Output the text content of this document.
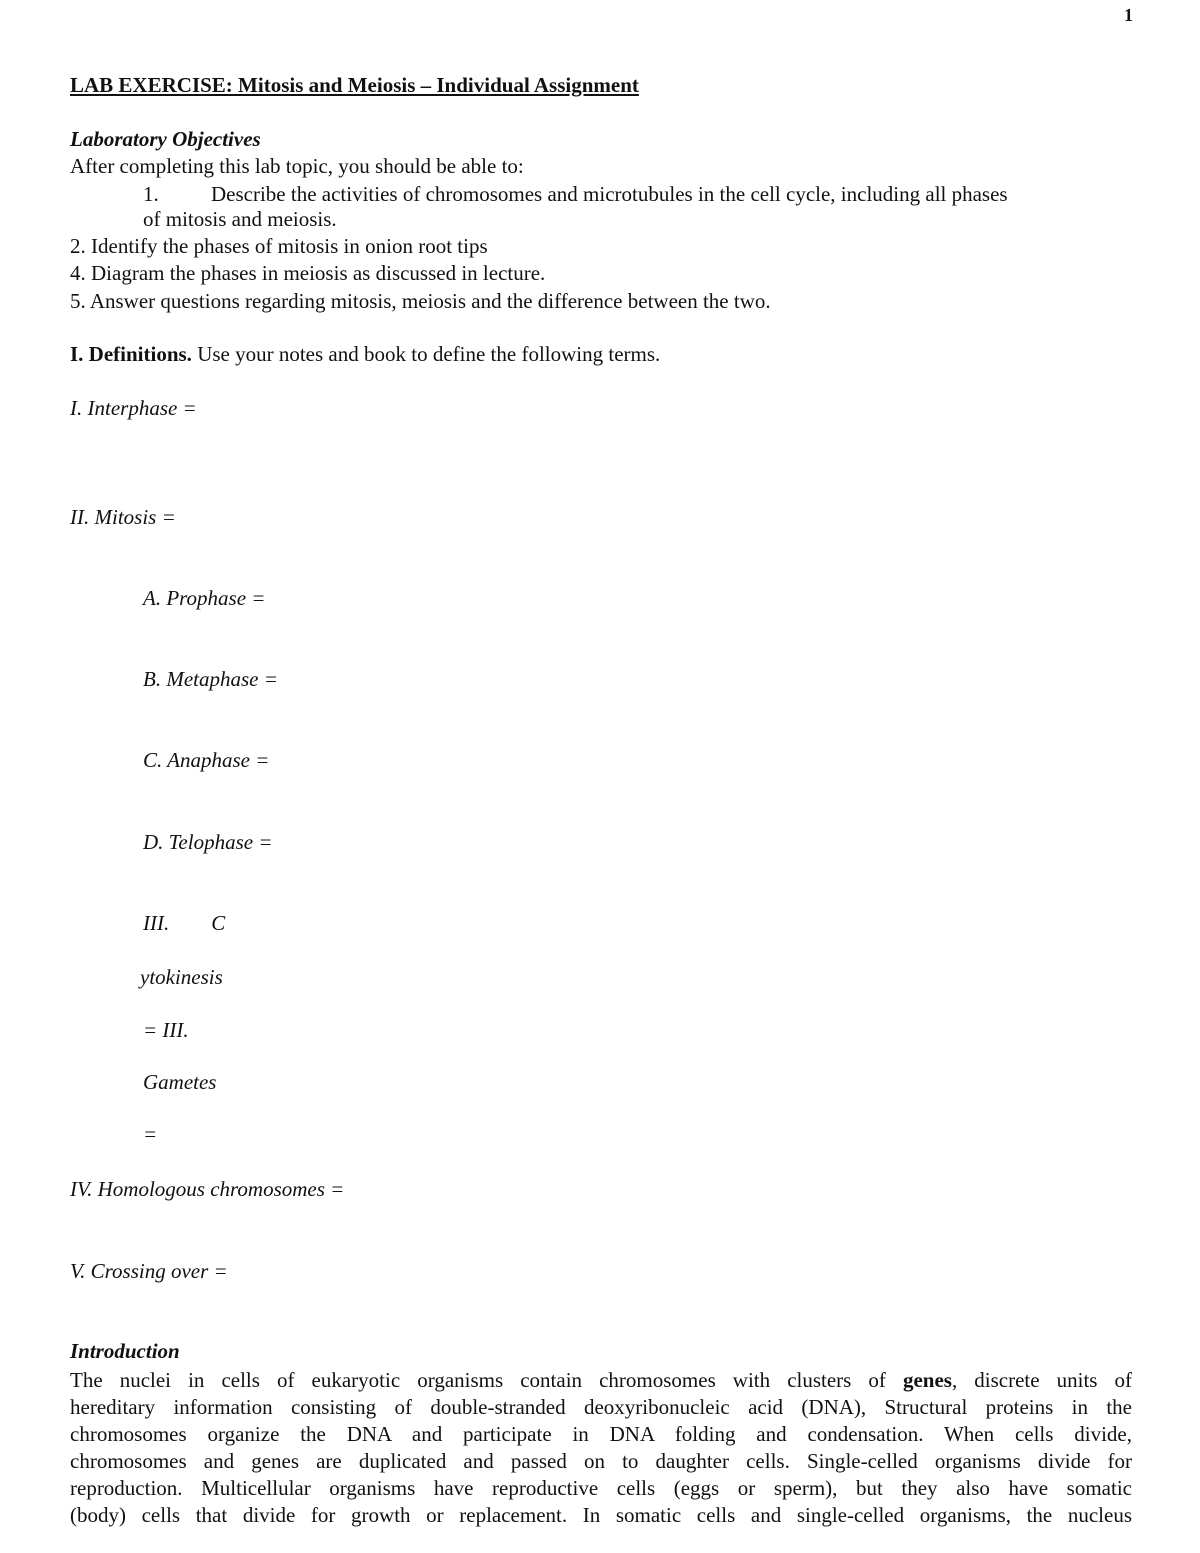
1
LAB EXERCISE: Mitosis and Meiosis – Individual Assignment
Laboratory Objectives
After completing this lab topic, you should be able to:
1. Describe the activities of chromosomes and microtubules in the cell cycle, including all phases
of mitosis and meiosis.
2. Identify the phases of mitosis in onion root tips
4. Diagram the phases in meiosis as discussed in lecture.
5. Answer questions regarding mitosis, meiosis and the difference between the two.
I. Definitions. Use your notes and book to define the following terms.
I. Interphase =
II. Mitosis =
A. Prophase =
B. Metaphase =
C. Anaphase =
D. Telophase =
III. C
ytokinesis
= III.
Gametes
=
IV. Homologous chromosomes =
V. Crossing over =
Introduction
The nuclei in cells of eukaryotic organisms contain chromosomes with clusters of genes, discrete units of
hereditary information consisting of double-stranded deoxyribonucleic acid (DNA), Structural proteins in the
chromosomes organize the DNA and participate in DNA folding and condensation. When cells divide,
chromosomes and genes are duplicated and passed on to daughter cells. Single-celled organisms divide for
reproduction. Multicellular organisms have reproductive cells (eggs or sperm), but they also have somatic
(body) cells that divide for growth or replacement. In somatic cells and single-celled organisms, the nucleus
